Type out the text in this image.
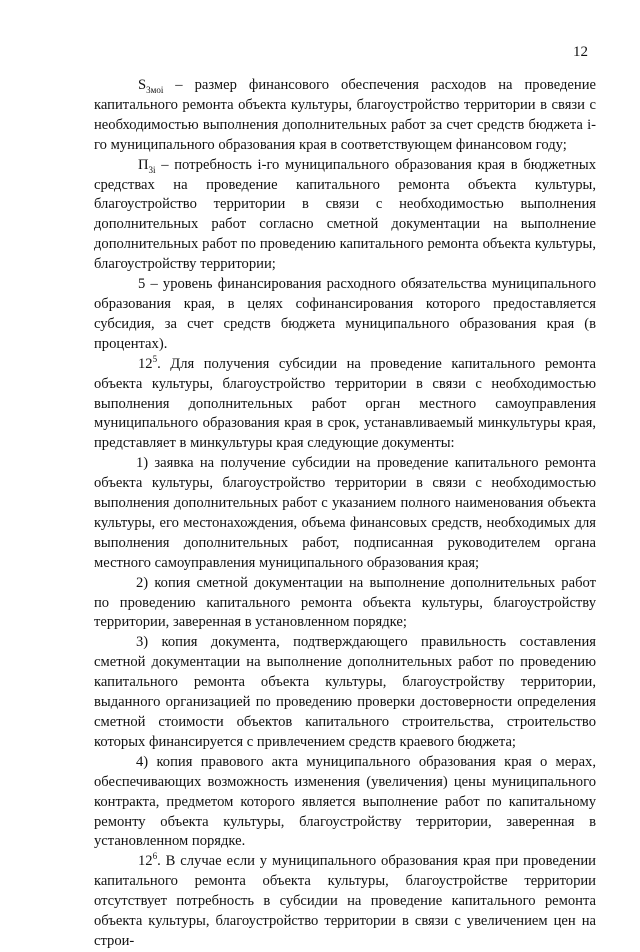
12

$S_{3мoi}$ – размер финансового обеспечения расходов на проведение капитального ремонта объекта культуры, благоустройство территории в связи с необходимостью выполнения дополнительных работ за счет средств бюджета i-го муниципального образования края в соответствующем финансовом году;

$П_{3i}$ – потребность i-го муниципального образования края в бюджетных средствах на проведение капитального ремонта объекта культуры, благоустройство территории в связи с необходимостью выполнения дополнительных работ согласно сметной документации на выполнение дополнительных работ по проведению капитального ремонта объекта культуры, благоустройству территории;

5 – уровень финансирования расходного обязательства муниципального образования края, в целях софинансирования которого предоставляется субсидия, за счет средств бюджета муниципального образования края (в процентах).

$12^5$. Для получения субсидии на проведение капитального ремонта объекта культуры, благоустройство территории в связи с необходимостью выполнения дополнительных работ орган местного самоуправления муниципального образования края в срок, устанавливаемый минкультуры края, представляет в минкультуры края следующие документы:

1) заявка на получение субсидии на проведение капитального ремонта объекта культуры, благоустройство территории в связи с необходимостью выполнения дополнительных работ с указанием полного наименования объекта культуры, его местонахождения, объема финансовых средств, необходимых для выполнения дополнительных работ, подписанная руководителем органа местного самоуправления муниципального образования края;

2) копия сметной документации на выполнение дополнительных работ по проведению капитального ремонта объекта культуры, благоустройству территории, заверенная в установленном порядке;

3) копия документа, подтверждающего правильность составления сметной документации на выполнение дополнительных работ по проведению капитального ремонта объекта культуры, благоустройству территории, выданного организацией по проведению проверки достоверности определения сметной стоимости объектов капитального строительства, строительство которых финансируется с привлечением средств краевого бюджета;

4) копия правового акта муниципального образования края о мерах, обеспечивающих возможность изменения (увеличения) цены муниципального контракта, предметом которого является выполнение работ по капитальному ремонту объекта культуры, благоустройству территории, заверенная в установленном порядке.

$12^6$. В случае если у муниципального образования края при проведении капитального ремонта объекта культуры, благоустройстве территории отсутствует потребность в субсидии на проведение капитального ремонта объекта культуры, благоустройство территории в связи с увеличением цен на строи-
